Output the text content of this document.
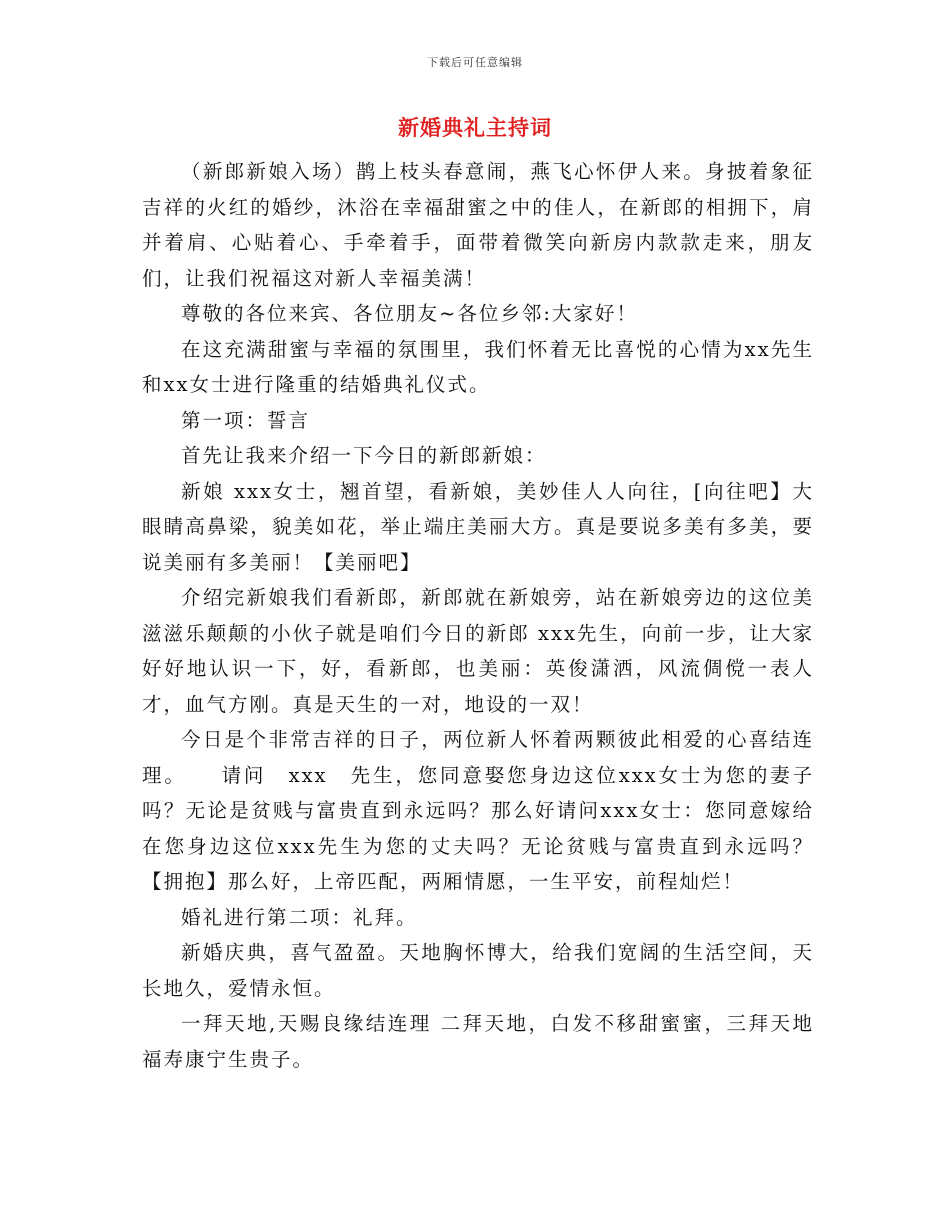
下载后可任意编辑
新婚典礼主持词

（新郎新娘入场）鹊上枝头春意闹，燕飞心怀伊人来。身披着象征吉祥的火红的婚纱，沐浴在幸福甜蜜之中的佳人，在新郎的相拥下，肩并着肩、心贴着心、手牵着手，面带着微笑向新房内款款走来，朋友们，让我们祝福这对新人幸福美满！

尊敬的各位来宾、各位朋友~各位乡邻:大家好！

在这充满甜蜜与幸福的氛围里，我们怀着无比喜悦的心情为xx先生和xx女士进行隆重的结婚典礼仪式。

第一项：誓言

首先让我来介绍一下今日的新郎新娘：

新娘 xxx女士，翘首望，看新娘，美妙佳人人向往，[向往吧】大眼睛高鼻梁，貌美如花，举止端庄美丽大方。真是要说多美有多美，要说美丽有多美丽！【美丽吧】

介绍完新娘我们看新郎，新郎就在新娘旁，站在新娘旁边的这位美滋滋乐颠颠的小伙子就是咱们今日的新郎 xxx先生，向前一步，让大家好好地认识一下，好，看新郎，也美丽：英俊潇洒，风流倜傥一表人才，血气方刚。真是天生的一对，地设的一双！

今日是个非常吉祥的日子，两位新人怀着两颗彼此相爱的心喜结连理。　　请问　xxx　先生，您同意娶您身边这位xxx女士为您的妻子吗？无论是贫贱与富贵直到永远吗？那么好请问xxx女士：您同意嫁给在您身边这位xxx先生为您的丈夫吗？无论贫贱与富贵直到永远吗？【拥抱】那么好，上帝匹配，两厢情愿，一生平安，前程灿烂！

婚礼进行第二项：礼拜。

新婚庆典，喜气盈盈。天地胸怀博大，给我们宽阔的生活空间，天长地久，爱情永恒。

一拜天地,天赐良缘结连理 二拜天地，白发不移甜蜜蜜，三拜天地福寿康宁生贵子。
